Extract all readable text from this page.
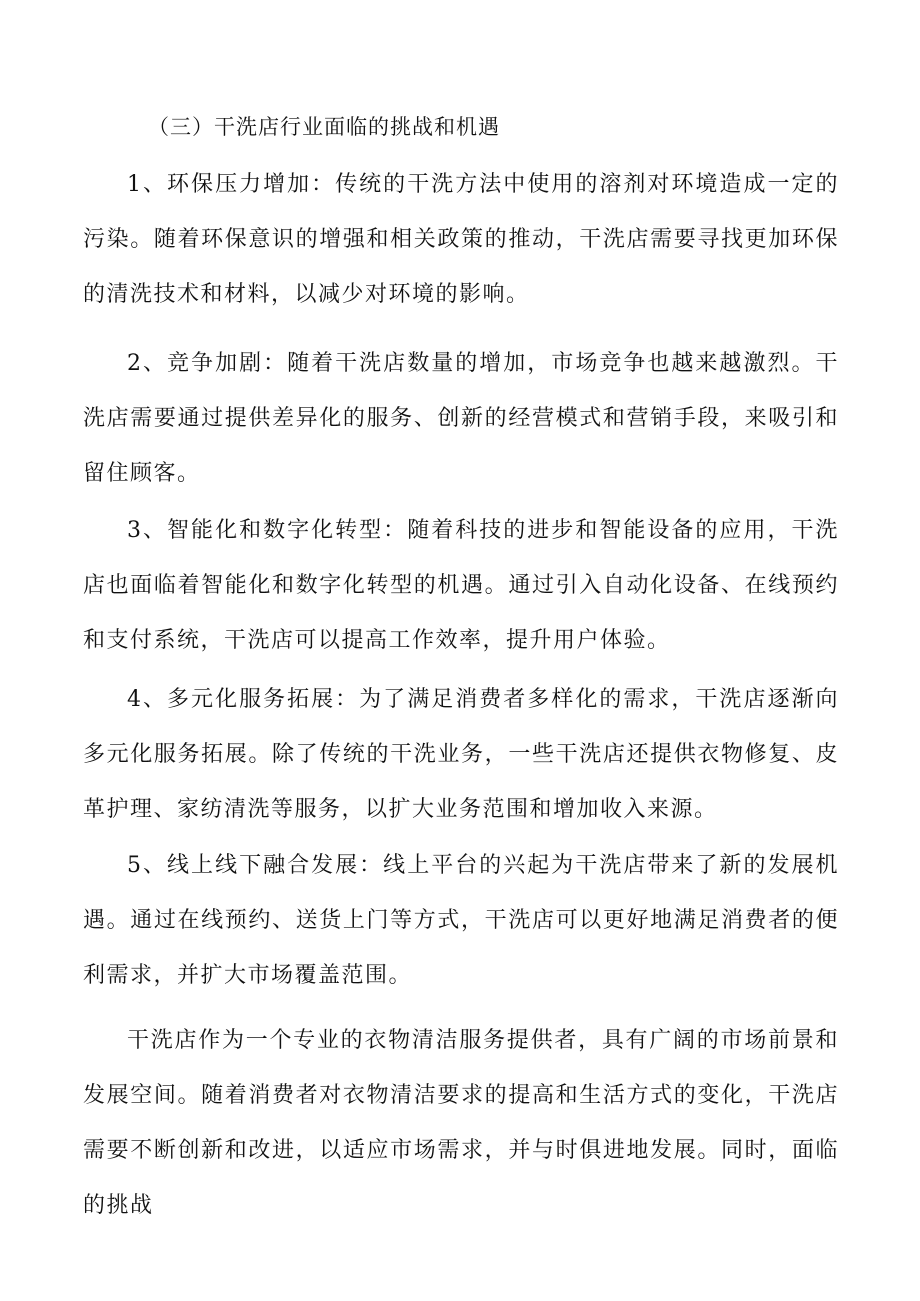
（三）干洗店行业面临的挑战和机遇

1、环保压力增加：传统的干洗方法中使用的溶剂对环境造成一定的污染。随着环保意识的增强和相关政策的推动，干洗店需要寻找更加环保的清洗技术和材料，以减少对环境的影响。

2、竞争加剧：随着干洗店数量的增加，市场竞争也越来越激烈。干洗店需要通过提供差异化的服务、创新的经营模式和营销手段，来吸引和留住顾客。

3、智能化和数字化转型：随着科技的进步和智能设备的应用，干洗店也面临着智能化和数字化转型的机遇。通过引入自动化设备、在线预约和支付系统，干洗店可以提高工作效率，提升用户体验。

4、多元化服务拓展：为了满足消费者多样化的需求，干洗店逐渐向多元化服务拓展。除了传统的干洗业务，一些干洗店还提供衣物修复、皮革护理、家纺清洗等服务，以扩大业务范围和增加收入来源。

5、线上线下融合发展：线上平台的兴起为干洗店带来了新的发展机遇。通过在线预约、送货上门等方式，干洗店可以更好地满足消费者的便利需求，并扩大市场覆盖范围。

干洗店作为一个专业的衣物清洁服务提供者，具有广阔的市场前景和发展空间。随着消费者对衣物清洁要求的提高和生活方式的变化，干洗店需要不断创新和改进，以适应市场需求，并与时俱进地发展。同时，面临的挑战
